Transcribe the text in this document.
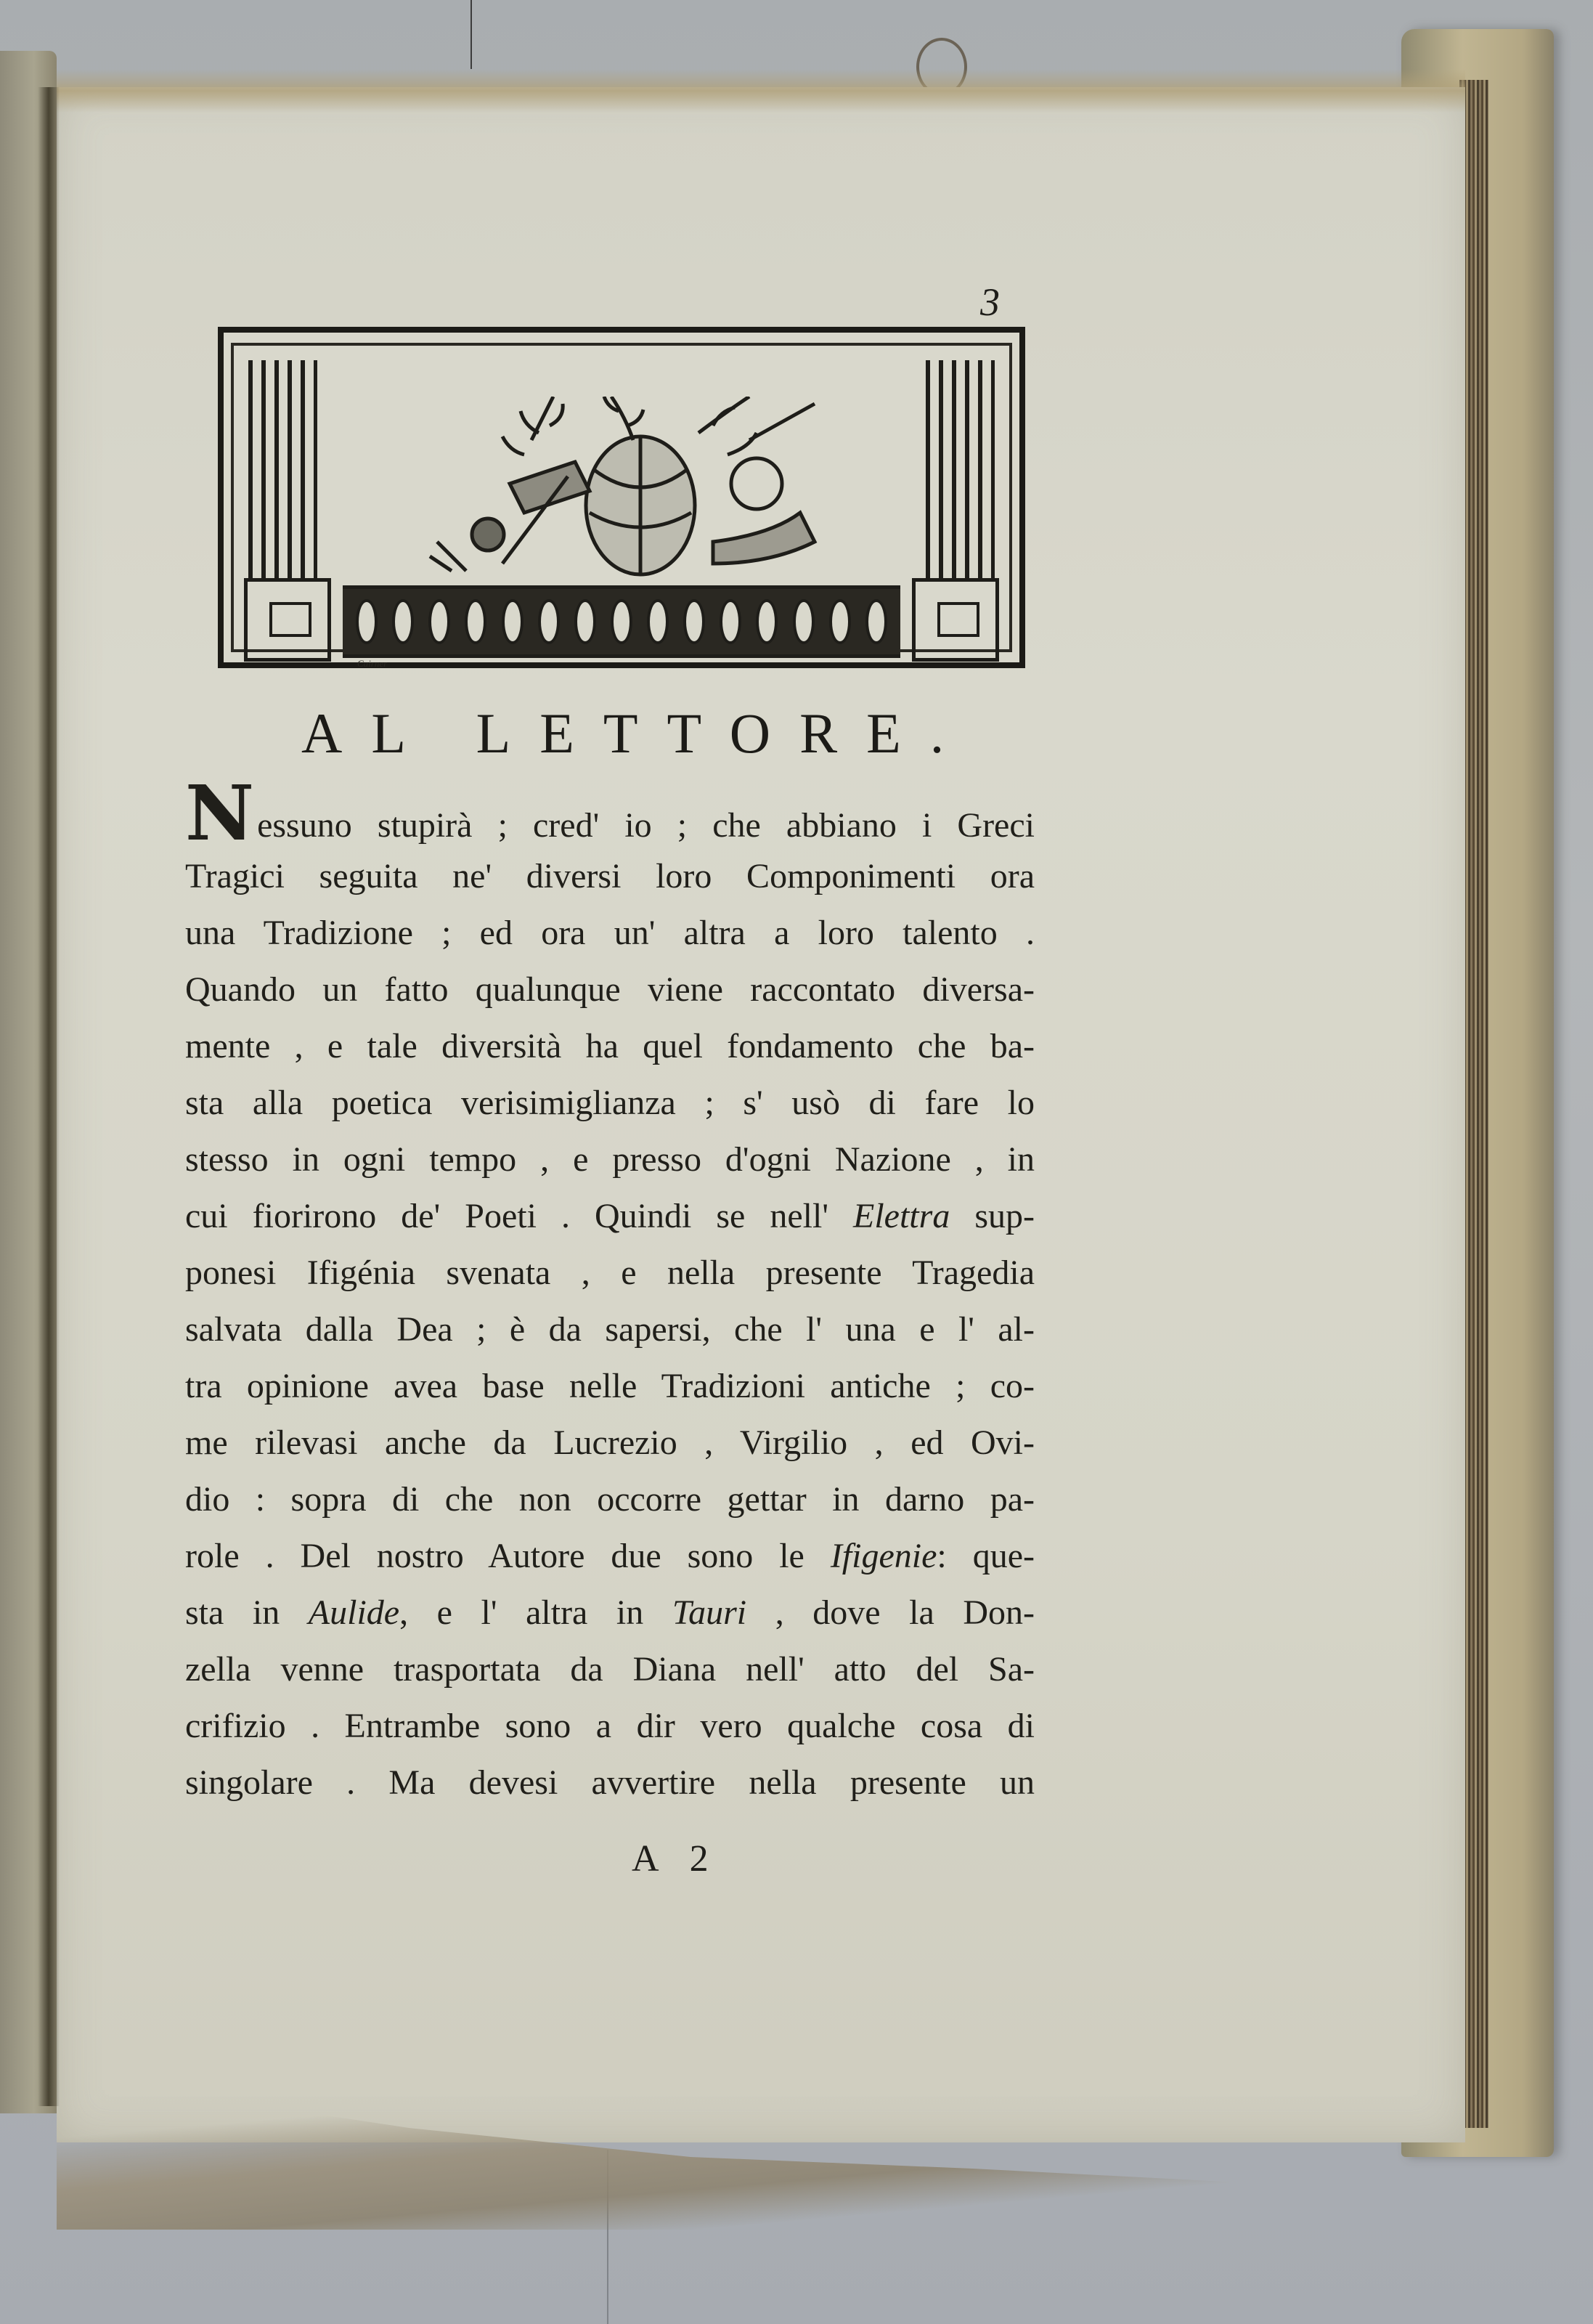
3
Cairner
AL LETTORE.
Nessuno stupirà ; cred' io ; che abbiano i Greci
Tragici seguita ne' diversi loro Componimenti ora
una Tradizione ; ed ora un' altra a loro talento .
Quando un fatto qualunque viene raccontato diversa-
mente , e tale diversità ha quel fondamento che ba-
sta alla poetica verisimiglianza ; s' usò di fare lo
stesso in ogni tempo , e presso d'ogni Nazione , in
cui fiorirono de' Poeti . Quindi se nell' Elettra sup-
ponesi Ifigénia svenata , e nella presente Tragedia
salvata dalla Dea ; è da sapersi, che l' una e l' al-
tra opinione avea base nelle Tradizioni antiche ; co-
me rilevasi anche da Lucrezio , Virgilio , ed Ovi-
dio : sopra di che non occorre gettar in darno pa-
role . Del nostro Autore due sono le Ifigenie: que-
sta in Aulide, e l' altra in Tauri , dove la Don-
zella venne trasportata da Diana nell' atto del Sa-
crifizio . Entrambe sono a dir vero qualche cosa di
singolare . Ma devesi avvertire nella presente un
A 2
